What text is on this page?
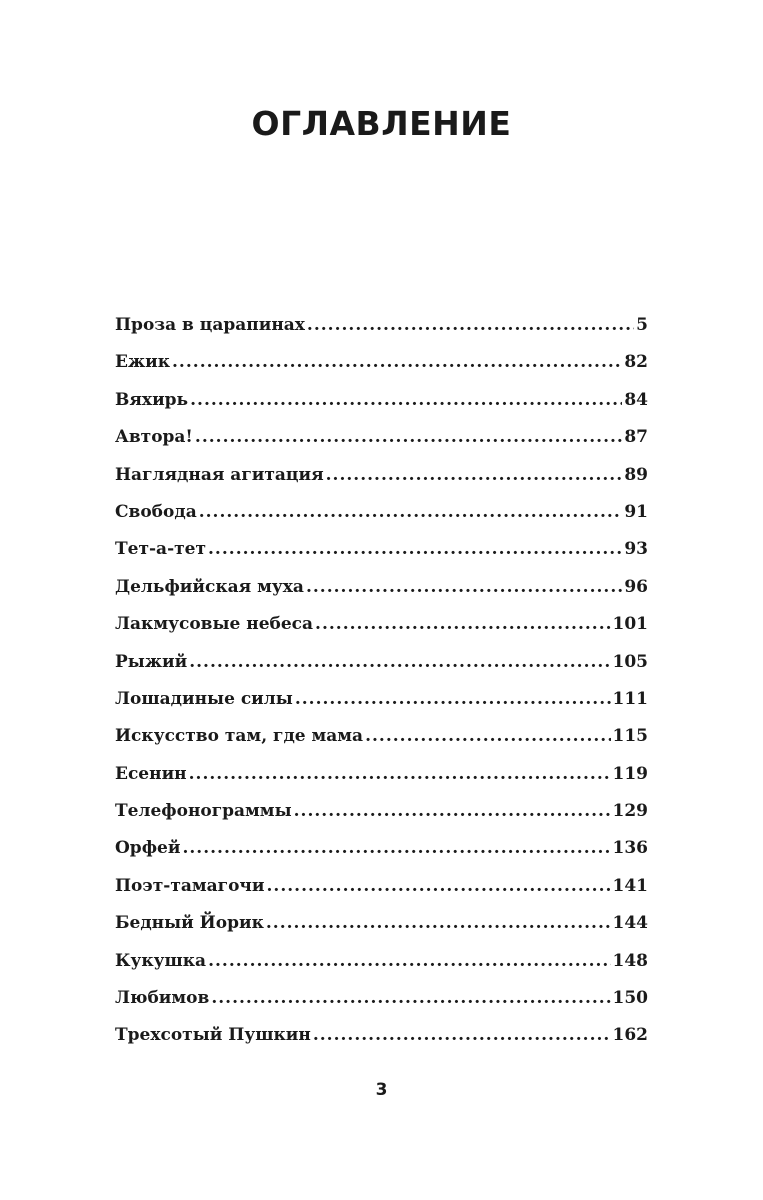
ОГЛАВЛЕНИЕ
Проза в царапинах .....	5
Ежик .....	82
Вяхирь .....	84
Автора! .....	87
Наглядная агитация .....	89
Свобода .....	91
Тет-а-тет .....	93
Дельфийская муха .....	96
Лакмусовые небеса .....	101
Рыжий .....	105
Лошадиные силы .....	111
Искусство там, где мама .....	115
Есенин .....	119
Телефонограммы .....	129
Орфей .....	136
Поэт-тамагочи .....	141
Бедный Йорик .....	144
Кукушка .....	148
Любимов .....	150
Трехсотый Пушкин .....	162
3
